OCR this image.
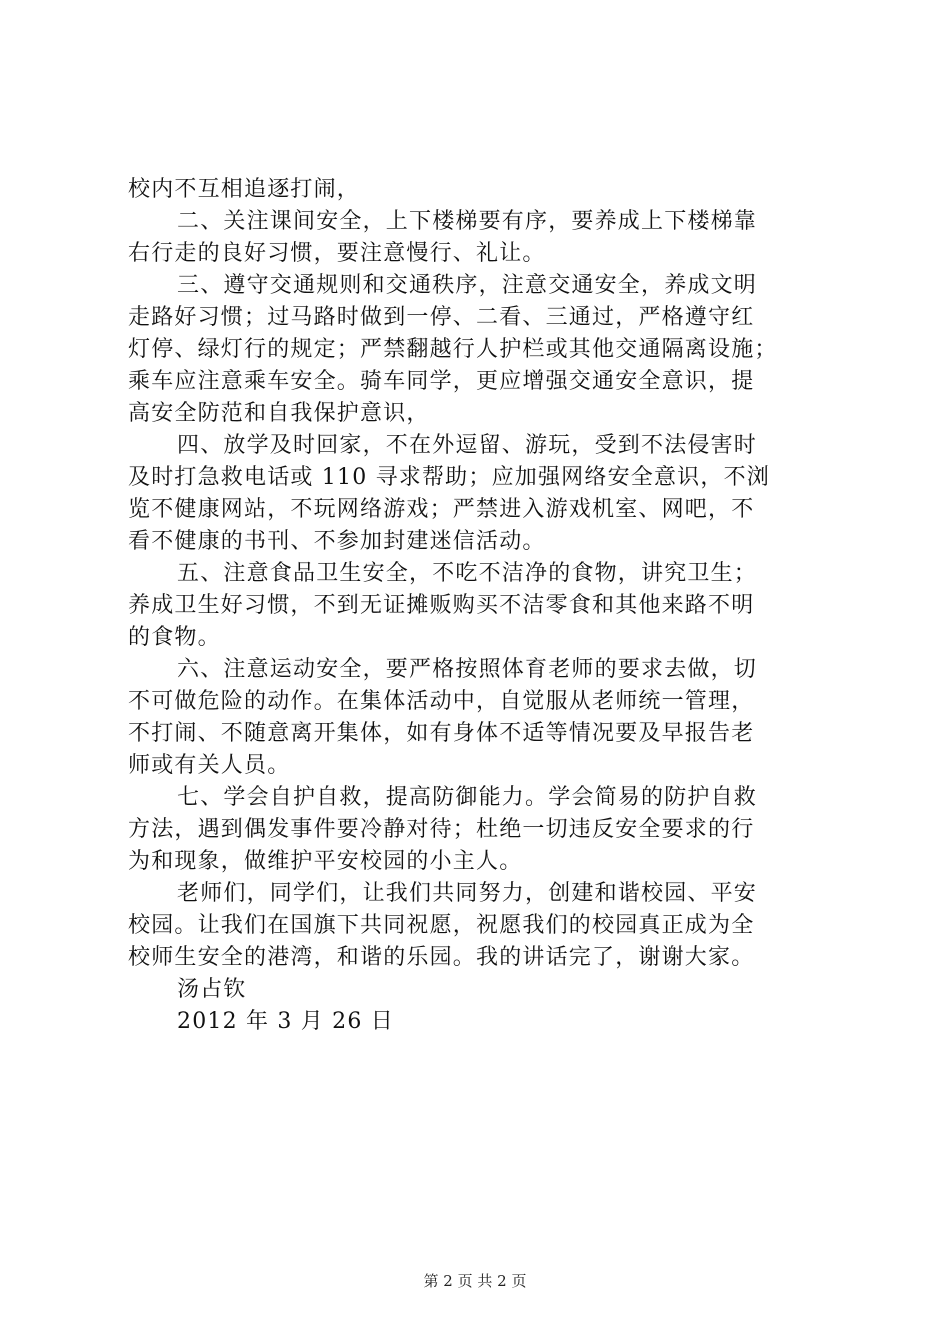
校内不互相追逐打闹，
二、关注课间安全，上下楼梯要有序，要养成上下楼梯靠
右行走的良好习惯，要注意慢行、礼让。
三、遵守交通规则和交通秩序，注意交通安全，养成文明
走路好习惯；过马路时做到一停、二看、三通过，严格遵守红
灯停、绿灯行的规定；严禁翻越行人护栏或其他交通隔离设施；
乘车应注意乘车安全。骑车同学，更应增强交通安全意识，提
高安全防范和自我保护意识，
四、放学及时回家，不在外逗留、游玩，受到不法侵害时
及时打急救电话或 110 寻求帮助；应加强网络安全意识，不浏
览不健康网站，不玩网络游戏；严禁进入游戏机室、网吧，不
看不健康的书刊、不参加封建迷信活动。
五、注意食品卫生安全，不吃不洁净的食物，讲究卫生；
养成卫生好习惯，不到无证摊贩购买不洁零食和其他来路不明
的食物。
六、注意运动安全，要严格按照体育老师的要求去做，切
不可做危险的动作。在集体活动中，自觉服从老师统一管理，
不打闹、不随意离开集体，如有身体不适等情况要及早报告老
师或有关人员。
七、学会自护自救，提高防御能力。学会简易的防护自救
方法，遇到偶发事件要冷静对待；杜绝一切违反安全要求的行
为和现象，做维护平安校园的小主人。
老师们，同学们，让我们共同努力，创建和谐校园、平安
校园。让我们在国旗下共同祝愿，祝愿我们的校园真正成为全
校师生安全的港湾，和谐的乐园。我的讲话完了，谢谢大家。
汤占钦
2012 年 3 月 26 日
第 2 页 共 2 页
